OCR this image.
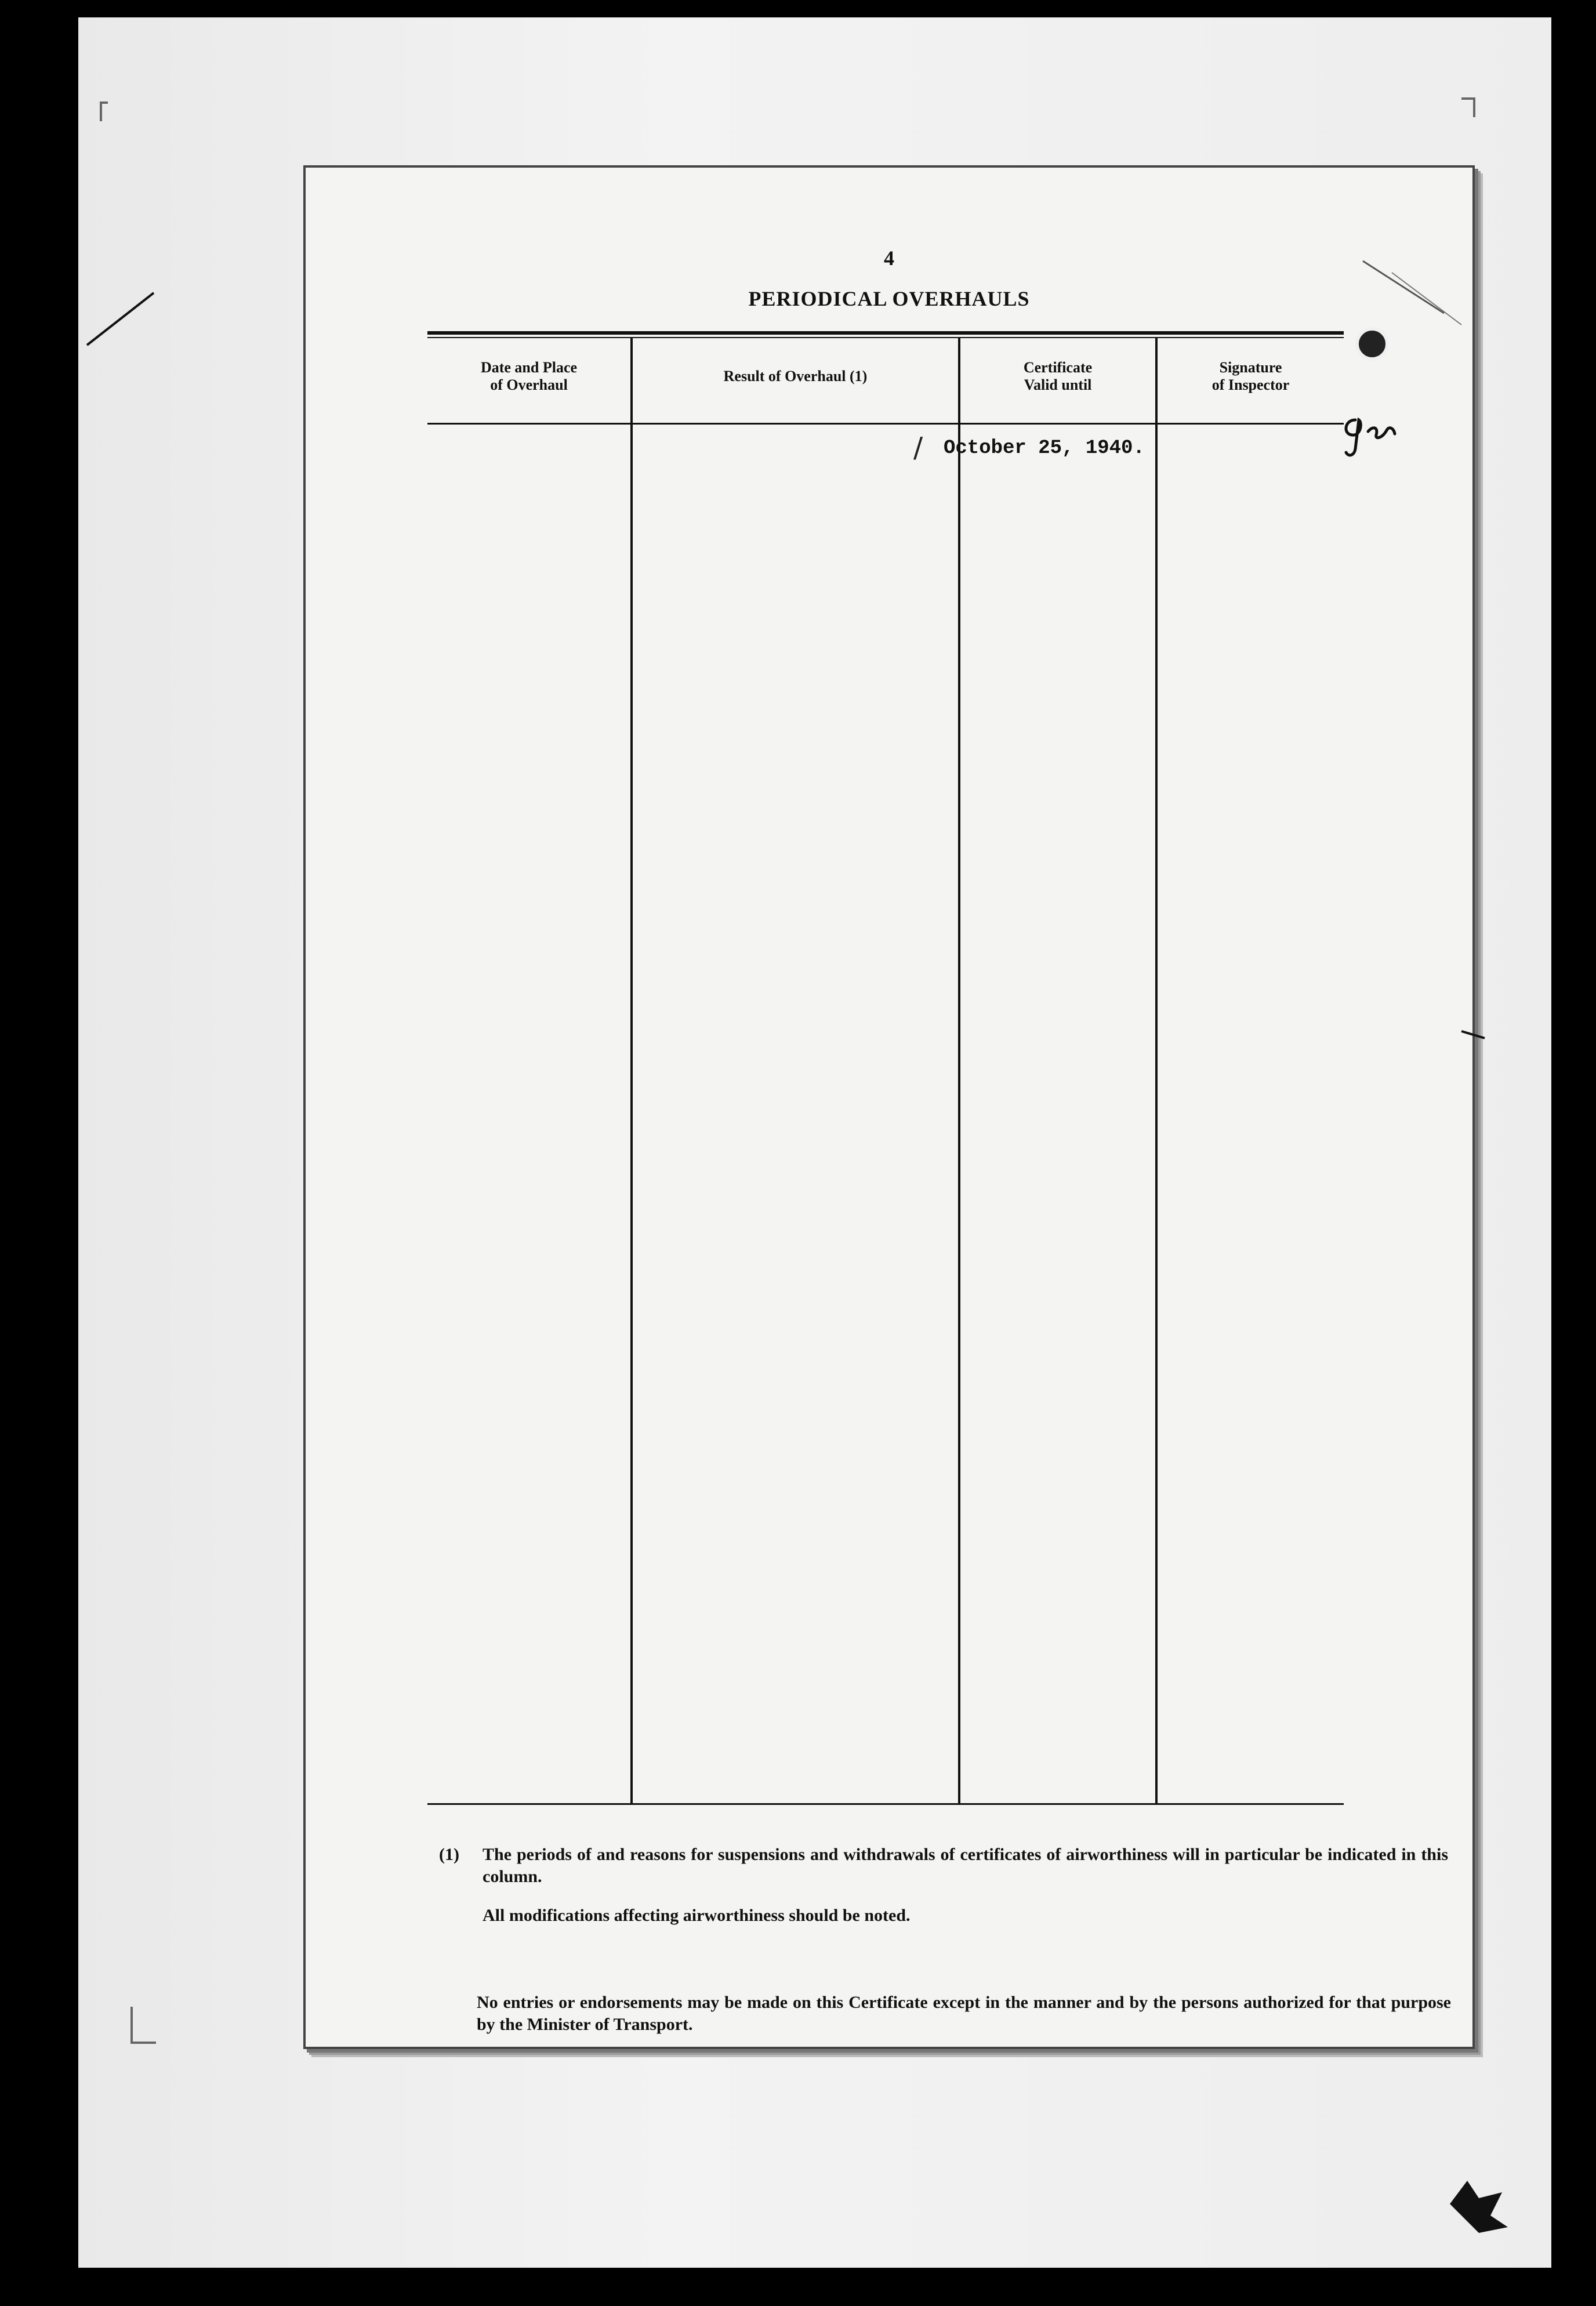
4
PERIODICAL OVERHAULS
Date and Place
of Overhaul
Result of Overhaul (1)
Certificate
Valid until
Signature
of Inspector
/ October 25, 1940.

(1) The periods of and reasons for suspensions and withdrawals of certificates of airworthiness will in particular be indicated in this column.
All modifications affecting airworthiness should be noted.
No entries or endorsements may be made on this Certificate except in the manner and by the persons authorized for that purpose by the Minister of Transport.
